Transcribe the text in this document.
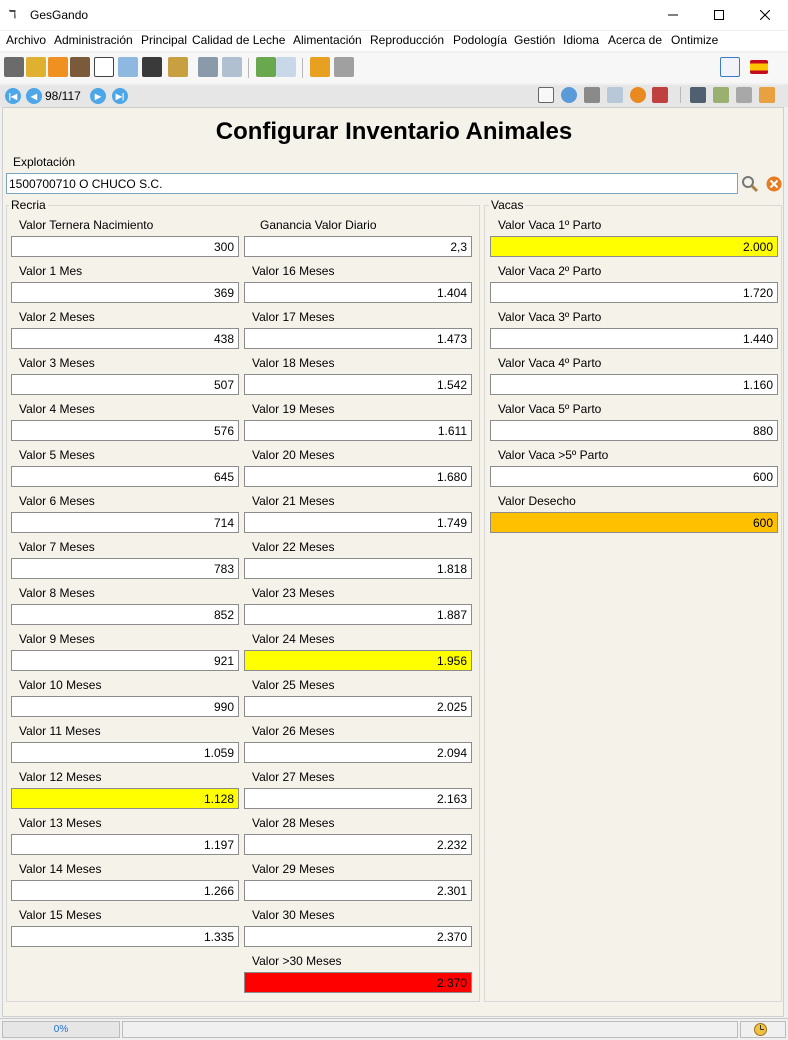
ℸ	GesGando
Archivo Administración Principal Calidad de Leche Alimentación Reproducción Podología Gestión Idioma Acerca de Ontimize
|◀	◀ 98/117	▶	▶|
Configurar Inventario Animales
Explotación
1500700710 O CHUCO S.C.
Recria
Valor Ternera Nacimiento
300
Valor 1 Mes
369
Valor 2 Meses
438
Valor 3 Meses
507
Valor 4 Meses
576
Valor 5 Meses
645
Valor 6 Meses
714
Valor 7 Meses
783
Valor 8 Meses
852
Valor 9 Meses
921
Valor 10 Meses
990
Valor 11 Meses
1.059
Valor 12 Meses
1.128
Valor 13 Meses
1.197
Valor 14 Meses
1.266
Valor 15 Meses
1.335
Ganancia Valor Diario
2,3
Valor 16 Meses
1.404
Valor 17 Meses
1.473
Valor 18 Meses
1.542
Valor 19 Meses
1.611
Valor 20 Meses
1.680
Valor 21 Meses
1.749
Valor 22 Meses
1.818
Valor 23 Meses
1.887
Valor 24 Meses
1.956
Valor 25 Meses
2.025
Valor 26 Meses
2.094
Valor 27 Meses
2.163
Valor 28 Meses
2.232
Valor 29 Meses
2.301
Valor 30 Meses
2.370
Valor >30 Meses
2.370
Vacas
Valor Vaca 1º Parto
2.000
Valor Vaca 2º Parto
1.720
Valor Vaca 3º Parto
1.440
Valor Vaca 4º Parto
1.160
Valor Vaca 5º Parto
880
Valor Vaca >5º Parto
600
Valor Desecho
600
0%
